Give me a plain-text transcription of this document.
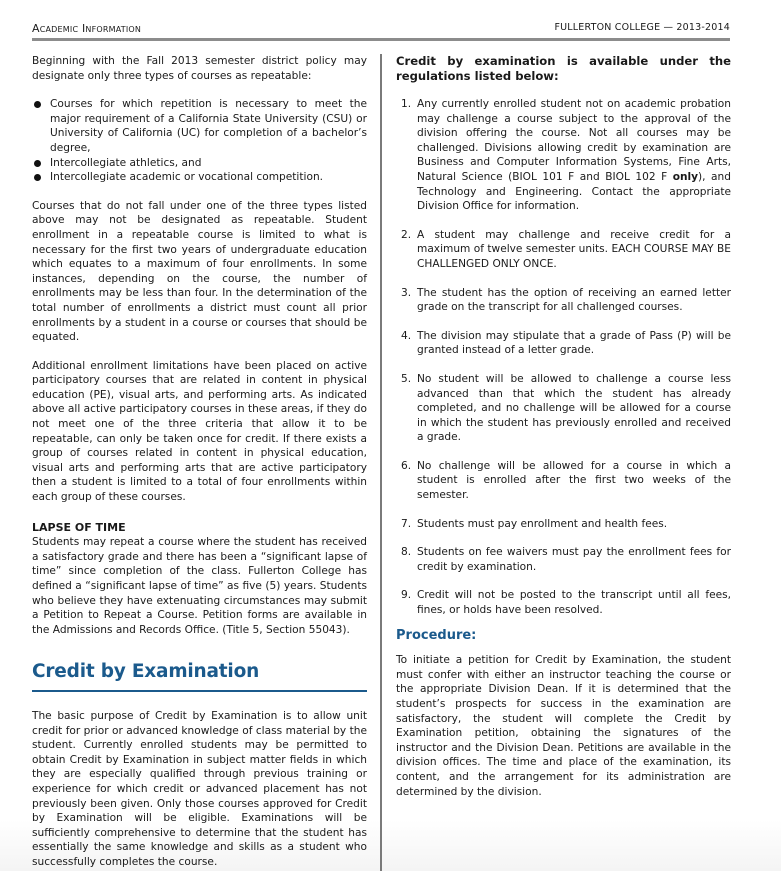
Academic Information	FULLERTON COLLEGE — 2013-2014

Beginning with the Fall 2013 semester district policy may designate only three types of courses as repeatable:

Courses for which repetition is necessary to meet the major requirement of a California State University (CSU) or University of California (UC) for completion of a bachelor’s degree,
Intercollegiate athletics, and
Intercollegiate academic or vocational competition.

Courses that do not fall under one of the three types listed above may not be designated as repeatable. Student enrollment in a repeatable course is limited to what is necessary for the first two years of undergraduate education which equates to a maximum of four enrollments. In some instances, depending on the course, the number of enrollments may be less than four. In the determination of the total number of enrollments a district must count all prior enrollments by a student in a course or courses that should be equated.

Additional enrollment limitations have been placed on active participatory courses that are related in content in physical education (PE), visual arts, and performing arts. As indicated above all active participatory courses in these areas, if they do not meet one of the three criteria that allow it to be repeatable, can only be taken once for credit. If there exists a group of courses related in content in physical education, visual arts and performing arts that are active participatory then a student is limited to a total of four enrollments within each group of these courses.

LAPSE OF TIME

Students may repeat a course where the student has received a satisfactory grade and there has been a “significant lapse of time” since completion of the class. Fullerton College has defined a “significant lapse of time” as five (5) years. Students who believe they have extenuating circumstances may submit a Petition to Repeat a Course. Petition forms are available in the Admissions and Records Office. (Title 5, Section 55043).

Credit by Examination

The basic purpose of Credit by Examination is to allow unit credit for prior or advanced knowledge of class material by the student. Currently enrolled students may be permitted to obtain Credit by Examination in subject matter fields in which they are especially qualified through previous training or experience for which credit or advanced placement has not previously been given. Only those courses approved for Credit by Examination will be eligible. Examinations will be sufficiently comprehensive to determine that the student has essentially the same knowledge and skills as a student who successfully completes the course.

Credit by examination is available under the regulations listed below:
1. Any currently enrolled student not on academic probation may challenge a course subject to the approval of the division offering the course. Not all courses may be challenged. Divisions allowing credit by examination are Business and Computer Information Systems, Fine Arts, Natural Science (BIOL 101 F and BIOL 102 F only), and Technology and Engineering. Contact the appropriate Division Office for information.
2. A student may challenge and receive credit for a maximum of twelve semester units. EACH COURSE MAY BE CHALLENGED ONLY ONCE.
3. The student has the option of receiving an earned letter grade on the transcript for all challenged courses.
4. The division may stipulate that a grade of Pass (P) will be granted instead of a letter grade.
5. No student will be allowed to challenge a course less advanced than that which the student has already completed, and no challenge will be allowed for a course in which the student has previously enrolled and received a grade.
6. No challenge will be allowed for a course in which a student is enrolled after the first two weeks of the semester.
7. Students must pay enrollment and health fees.
8. Students on fee waivers must pay the enrollment fees for credit by examination.
9. Credit will not be posted to the transcript until all fees, fines, or holds have been resolved.
Procedure:

To initiate a petition for Credit by Examination, the student must confer with either an instructor teaching the course or the appropriate Division Dean. If it is determined that the student’s prospects for success in the examination are satisfactory, the student will complete the Credit by Examination petition, obtaining the signatures of the instructor and the Division Dean. Petitions are available in the division offices. The time and place of the examination, its content, and the arrangement for its administration are determined by the division.
